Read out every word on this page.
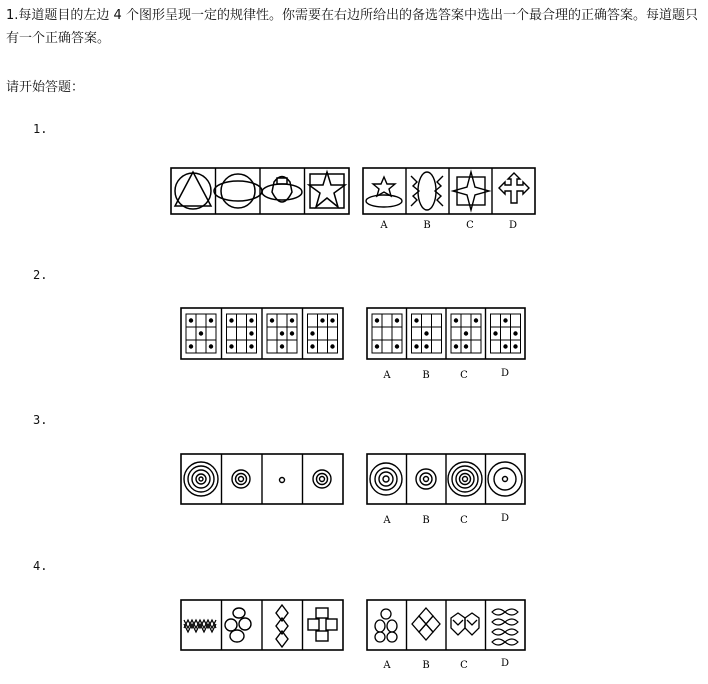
1.每道题目的左边 4 个图形呈现一定的规律性。你需要在右边所给出的备选答案中选出一个最合理的正确答案。每道题只有一个正确答案。

请开始答题：

1.
A	B	C	D
2.
A	B	C	D
3.
A	B	C	D
4.
A	B	C	D
